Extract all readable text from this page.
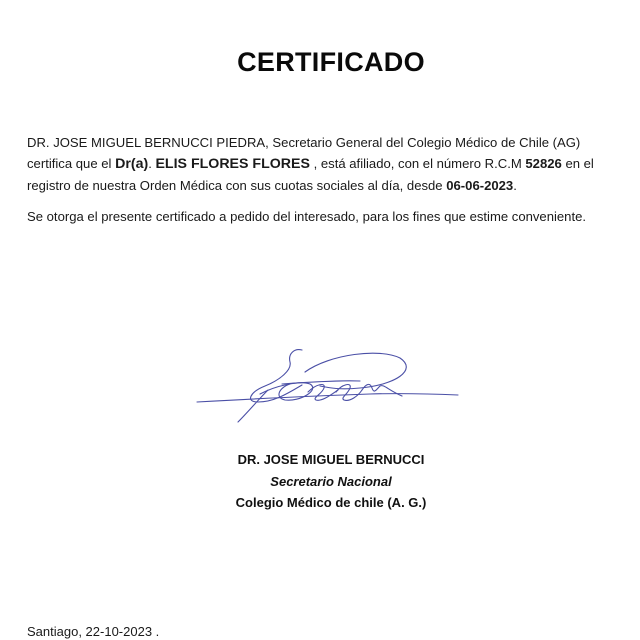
CERTIFICADO
DR. JOSE MIGUEL BERNUCCI PIEDRA, Secretario General del Colegio Médico de Chile (AG) certifica que el Dr(a). ELIS FLORES FLORES , está afiliado, con el número R.C.M 52826 en el registro de nuestra Orden Médica con sus cuotas sociales al día, desde 06-06-2023.
Se otorga el presente certificado a pedido del interesado, para los fines que estime conveniente.
DR. JOSE MIGUEL BERNUCCI
Secretario Nacional
Colegio Médico de chile (A. G.)
Santiago, 22-10-2023 .
